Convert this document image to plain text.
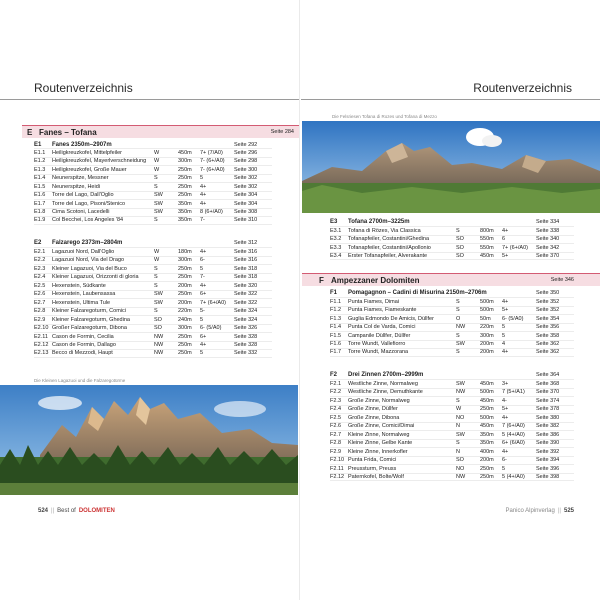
Routenverzeichnis
E Fanes – Tofana	Seite 284
E1	Fanes 2350m–2907m	Seite 292
E1.1	Heiligkreuzkofel, Mittelpfeiler	W	450m	7+ (7/A0)	Seite 296
E1.2	Heiligkreuzkofel, Mayerlverschneidung	W	300m	7- (6+/A0)	Seite 298
E1.3	Heiligkreuzkofel, Große Mauer	W	250m	7- (6+/A0)	Seite 300
E1.4	Neunerspitze, Messner	S	250m	5	Seite 302
E1.5	Neunerspitze, Heidi	S	250m	4+	Seite 302
E1.6	Torre del Lago, Dall'Oglio	SW	250m	4+	Seite 304
E1.7	Torre del Lago, Pisoni/Stenico	SW	350m	4+	Seite 304
E1.8	Cima Scotoni, Lacedelli	SW	350m	8 (6+/A0)	Seite 308
E1.9	Col Becchei, Los Angeles '84	S	350m	7-	Seite 310
E2	Falzarego 2373m–2804m	Seite 312
E2.1	Lagazuoi Nord, Dall'Oglio	W	180m	4+	Seite 316
E2.2	Lagazuoi Nord, Via del Drago	W	300m	6-	Seite 316
E2.3	Kleiner Lagazuoi, Via del Buco	S	250m	5	Seite 318
E2.4	Kleiner Lagazuoi, Orizzonti di gloria	S	250m	7-	Seite 318
E2.5	Hexenstein, Südkante	S	200m	4+	Seite 320
E2.6	Hexenstein, Laubensassa	SW	250m	6+	Seite 322
E2.7	Hexenstein, Ultima Tule	SW	200m	7+ (6+/A0)	Seite 322
E2.8	Kleiner Falzaregoturm, Comici	S	220m	5-	Seite 324
E2.9	Kleiner Falzaregoturm, Ghedina	SO	240m	5	Seite 324
E2.10 Großer Falzaregoturm, Dibona	SO	300m	6- (5/A0)	Seite 326
E2.11 Cason de Formin, Cecilia	NW	250m	6+	Seite 328
E2.12 Cason de Formin, Dallago	NW	250m	4+	Seite 328
E2.13 Becco di Mezzodi, Haupt	NW	250m	5	Seite 332
Die Kleinen Lagazuoi und die Falzaregotürme
524 || Best of DOLOMITEN
Routenverzeichnis
Die Felsriesen Tofana di Rozes und Tofana di Mezzo
E3	Tofana 2700m–3225m	Seite 334
E3.1	Tofana di Rözes, Via Classica	S	800m	4+	Seite 338
E3.2	Tofanapfeiler, Costantini/Ghedina	SO	550m	6	Seite 340
E3.3	Tofanapfeiler, Costantini/Apollonio	SO	550m	7+ (6+/A0)	Seite 342
E3.4	Erster Tofanapfeiler, Alverakante	SO	450m	5+	Seite 370
F Ampezzaner Dolomiten	Seite 346
F1	Pomagagnon – Cadini di Misurina 2150m–2706m	Seite 350
F1.1	Punta Fiames, Dimai	S	500m	4+	Seite 352
F1.2	Punta Fiames, Fiameskante	S	500m	5+	Seite 352
F1.3	Guglia Edmondo De Amicis, Düllfer	O	50m	6- (5/A0)	Seite 354
F1.4	Punta Col de Varda, Comici	NW	220m	5	Seite 356
F1.5	Campanile Düllfer, Düllfer	S	300m	5	Seite 358
F1.6	Torre Wundt, Vallefiorro	SW	200m	4	Seite 362
F1.7	Torre Wundt, Mazzorana	S	200m	4+	Seite 362
F2	Drei Zinnen 2700m–2999m	Seite 364
F2.1	Westliche Zinne, Normalweg	SW	450m	3+	Seite 368
F2.2	Westliche Zinne, Demuthkante	NW	500m	7 (5+/A1)	Seite 370
F2.3	Große Zinne, Normalweg	S	450m	4-	Seite 374
F2.4	Große Zinne, Düllfer	W	250m	5+	Seite 378
F2.5	Große Zinne, Dibona	NO	500m	4+	Seite 380
F2.6	Große Zinne, Comici/Dimai	N	450m	7 (6+/A0)	Seite 382
F2.7	Kleine Zinne, Normalweg	SW	350m	5 (4+/A0)	Seite 386
F2.8	Kleine Zinne, Gelbe Kante	S	350m	6+ (6/A0)	Seite 390
F2.9	Kleine Zinne, Innerkofler	N	400m	4+	Seite 392
F2.10 Punta Frida, Comici	SO	200m	6-	Seite 394
F2.11 Preussturm, Preuss	NO	250m	5	Seite 396
F2.12 Paternkofel, Bolte/Wolf	NW	250m	5 (4+/A0)	Seite 398
Panico Alpinverlag || 525
